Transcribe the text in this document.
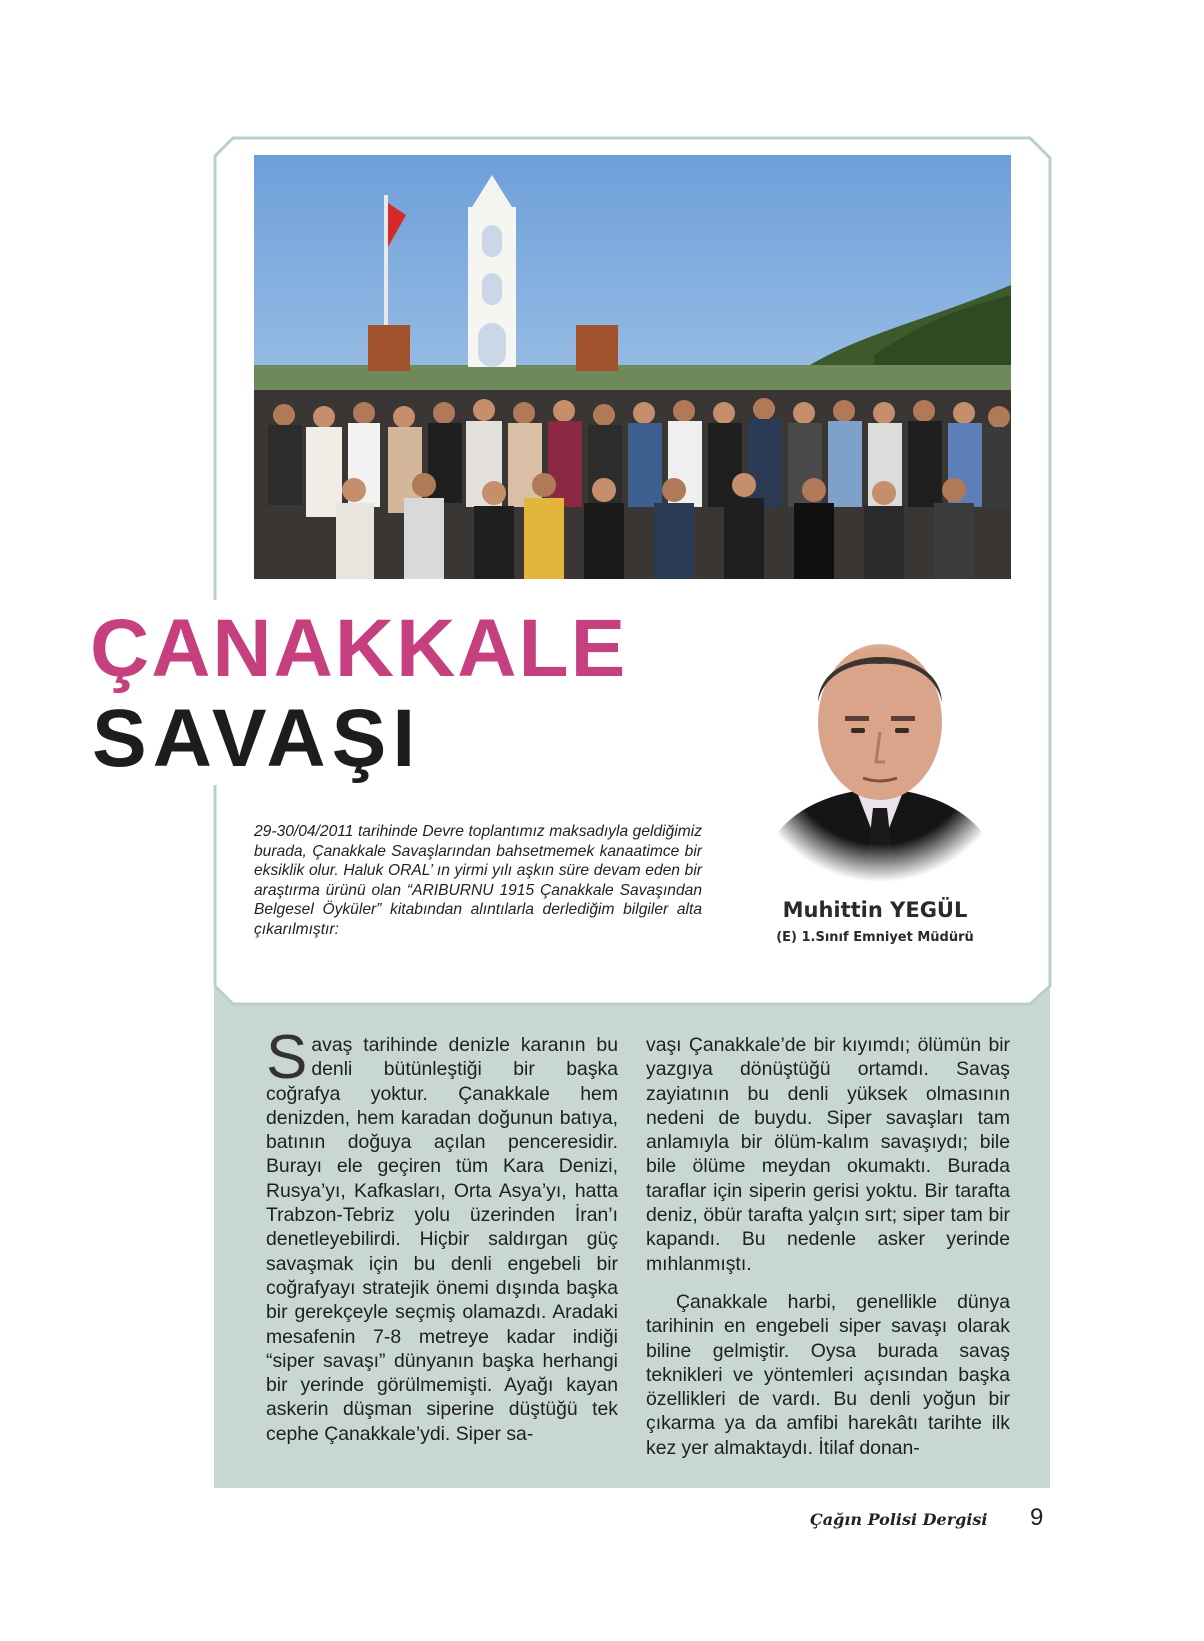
ÇANAKKALE
SAVAŞI
Muhittin YEGÜL
(E) 1.Sınıf Emniyet Müdürü

29-30/04/2011 tarihinde Devre toplantımız maksadıyla geldiğimiz burada, Çanakkale Savaşlarından bahsetmemek kanaatimce bir eksiklik olur. Haluk ORAL’ ın yirmi yılı aşkın süre devam eden bir araştırma ürünü olan “ARIBURNU 1915 Çanakkale Savaşından Belgesel Öyküler” kitabından alıntılarla derlediğim bilgiler alta çıkarılmıştır:

S avaş tarihinde denizle karanın bu denli bütünleştiği bir başka coğrafya yoktur. Çanakkale hem denizden, hem karadan doğunun batıya, batının doğuya açılan penceresidir. Burayı ele geçiren tüm Kara Denizi, Rusya’yı, Kafkasları, Orta Asya’yı, hatta Trabzon-Tebriz yolu üzerinden İran’ı denetleyebilirdi. Hiçbir saldırgan güç savaşmak için bu denli engebeli bir coğrafyayı stratejik önemi dışında başka bir gerekçeyle seçmiş olamazdı. Aradaki mesafenin 7-8 metreye kadar indiği “siper savaşı” dünyanın başka herhangi bir yerinde görülmemişti. Ayağı kayan askerin düşman siperine düştüğü tek cephe Çanakkale’ydi. Siper sa-

vaşı Çanakkale’de bir kıyımdı; ölümün bir yazgıya dönüştüğü ortamdı. Savaş zayiatının bu denli yüksek olmasının nedeni de buydu. Siper savaşları tam anlamıyla bir ölüm-kalım savaşıydı; bile bile ölüme meydan okumaktı. Burada taraflar için siperin gerisi yoktu. Bir tarafta deniz, öbür tarafta yalçın sırt; siper tam bir kapandı. Bu nedenle asker yerinde mıhlanmıştı.

Çanakkale harbi, genellikle dünya tarihinin en engebeli siper savaşı olarak biline gelmiştir. Oysa burada savaş teknikleri ve yöntemleri açısından başka özellikleri de vardı. Bu denli yoğun bir çıkarma ya da amfibi harekâtı tarihte ilk kez yer almaktaydı. İtilaf donan-

Çağın Polisi Dergisi 9
